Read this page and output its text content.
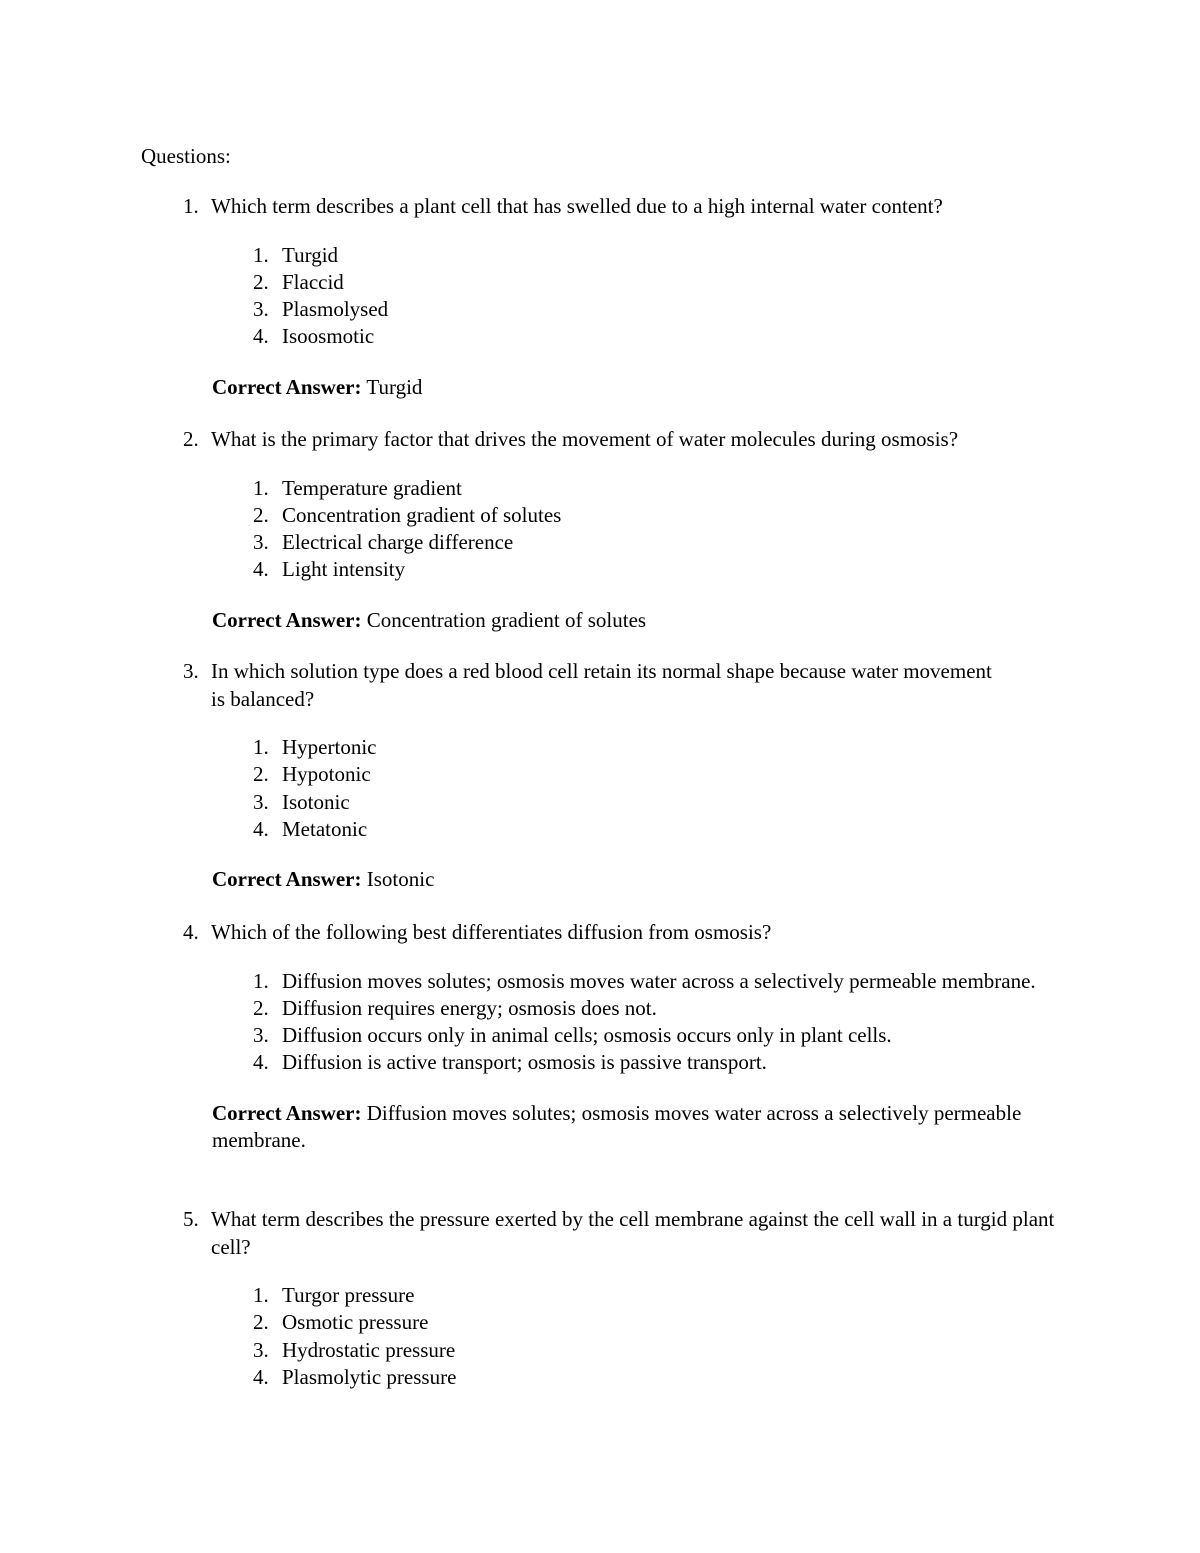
Questions:
1. Which term describes a plant cell that has swelled due to a high internal water content?
1. Turgid
2. Flaccid
3. Plasmolysed
4. Isoosmotic
Correct Answer: Turgid
2. What is the primary factor that drives the movement of water molecules during osmosis?
1. Temperature gradient
2. Concentration gradient of solutes
3. Electrical charge difference
4. Light intensity
Correct Answer: Concentration gradient of solutes
3. In which solution type does a red blood cell retain its normal shape because water movement is balanced?
1. Hypertonic
2. Hypotonic
3. Isotonic
4. Metatonic
Correct Answer: Isotonic
4. Which of the following best differentiates diffusion from osmosis?
1. Diffusion moves solutes; osmosis moves water across a selectively permeable membrane.
2. Diffusion requires energy; osmosis does not.
3. Diffusion occurs only in animal cells; osmosis occurs only in plant cells.
4. Diffusion is active transport; osmosis is passive transport.
Correct Answer: Diffusion moves solutes; osmosis moves water across a selectively permeable membrane.
5. What term describes the pressure exerted by the cell membrane against the cell wall in a turgid plant cell?
1. Turgor pressure
2. Osmotic pressure
3. Hydrostatic pressure
4. Plasmolytic pressure
